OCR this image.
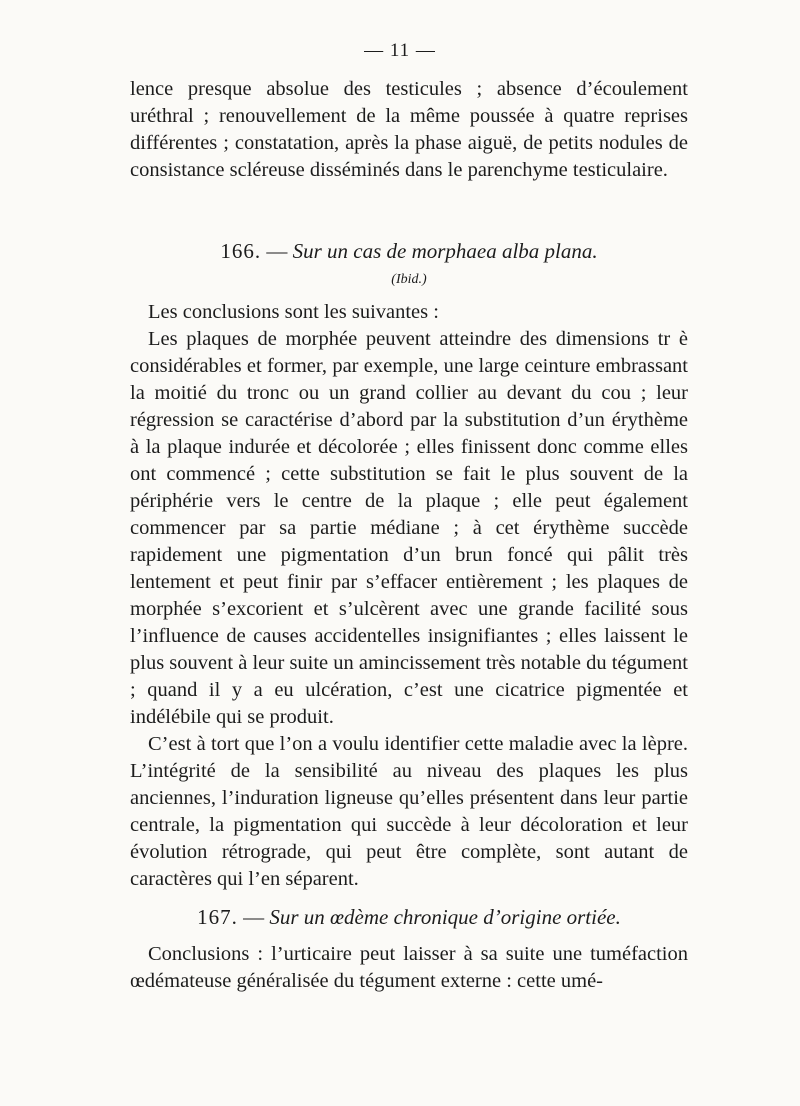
— 11 —

lence presque absolue des testicules ; absence d’écoulement uréthral ; renouvellement de la même poussée à quatre reprises différentes ; constatation, après la phase aiguë, de petits nodules de consistance scléreuse disséminés dans le parenchyme testiculaire.

166. — Sur un cas de morphaea alba plana.
(Ibid.)

Les conclusions sont les suivantes :

Les plaques de morphée peuvent atteindre des dimensions tr è considérables et former, par exemple, une large ceinture embrassant la moitié du tronc ou un grand collier au devant du cou ; leur régression se caractérise d’abord par la substitution d’un érythème à la plaque indurée et décolorée ; elles finissent donc comme elles ont commencé ; cette substitution se fait le plus souvent de la périphérie vers le centre de la plaque ; elle peut également commencer par sa partie médiane ; à cet érythème succède rapidement une pigmentation d’un brun foncé qui pâlit très lentement et peut finir par s’effacer entièrement ; les plaques de morphée s’excorient et s’ulcèrent avec une grande facilité sous l’influence de causes accidentelles insignifiantes ; elles laissent le plus souvent à leur suite un amincissement très notable du tégument ; quand il y a eu ulcération, c’est une cicatrice pigmentée et indélébile qui se produit.

C’est à tort que l’on a voulu identifier cette maladie avec la lèpre. L’intégrité de la sensibilité au niveau des plaques les plus anciennes, l’induration ligneuse qu’elles présentent dans leur partie centrale, la pigmentation qui succède à leur décoloration et leur évolution rétrograde, qui peut être complète, sont autant de caractères qui l’en séparent.

167. — Sur un œdème chronique d’origine ortiée.

Conclusions : l’urticaire peut laisser à sa suite une tuméfaction œdémateuse généralisée du tégument externe : cette umé-
